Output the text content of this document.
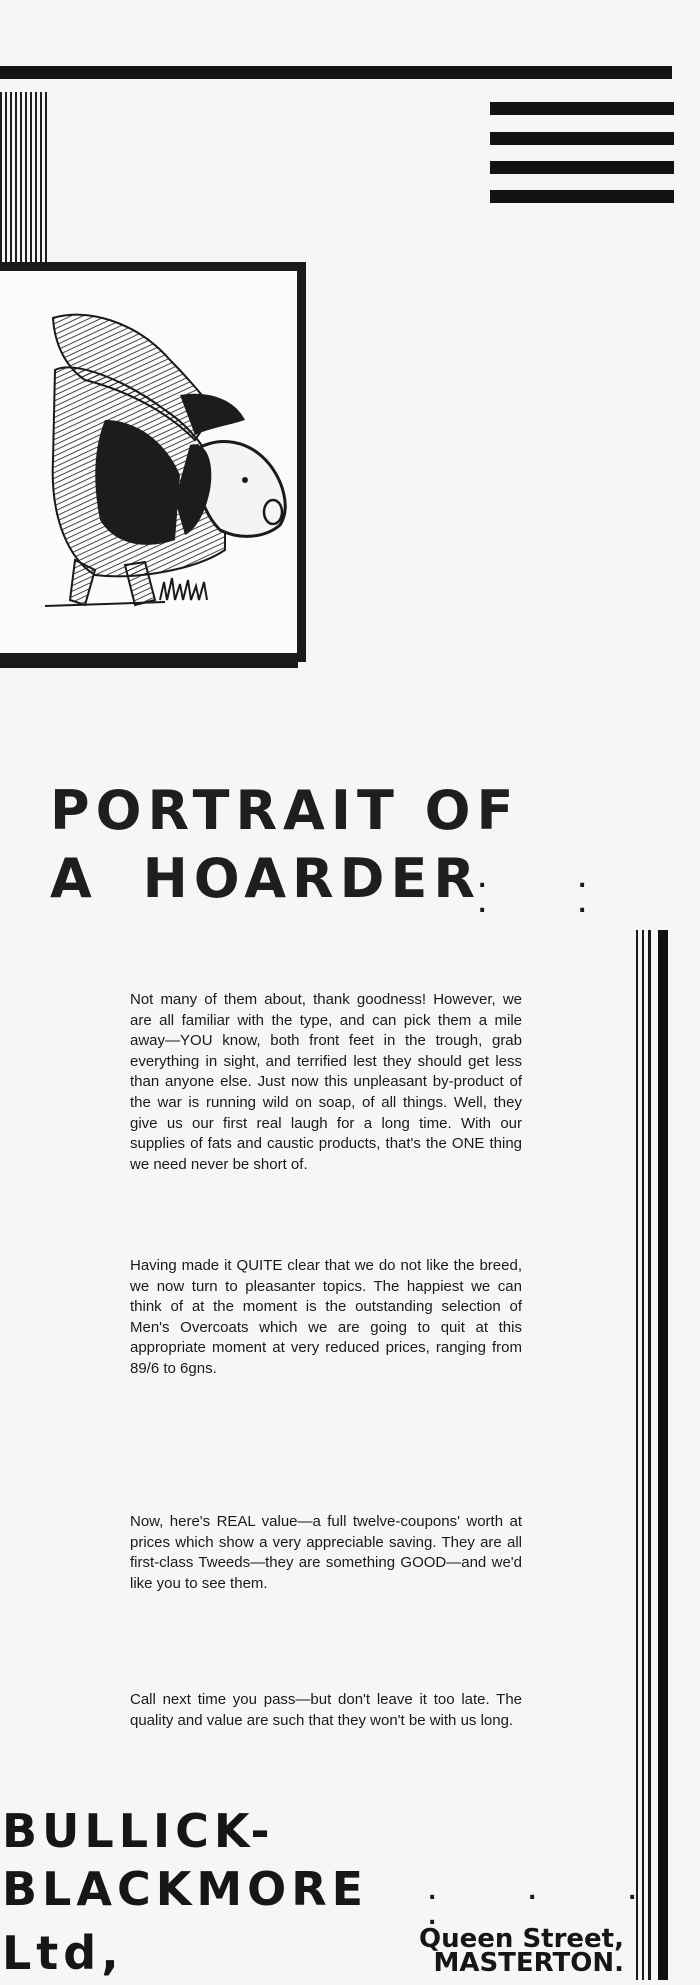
PORTRAIT OF
A HOARDER
. . . .

Not many of them about, thank goodness! However, we are all familiar with the type, and can pick them a mile away—YOU know, both front feet in the trough, grab everything in sight, and terrified lest they should get less than anyone else. Just now this unpleasant by-product of the war is running wild on soap, of all things. Well, they give us our first real laugh for a long time. With our supplies of fats and caustic products, that's the ONE thing we need never be short of.

Having made it QUITE clear that we do not like the breed, we now turn to pleasanter topics. The happiest we can think of at the moment is the outstanding selection of Men's Overcoats which we are going to quit at this appropriate moment at very reduced prices, ranging from 89/6 to 6gns.

Now, here's REAL value—a full twelve-coupons' worth at prices which show a very appreciable saving. They are all first-class Tweeds—they are something GOOD—and we'd like you to see them.

Call next time you pass—but don't leave it too late. The quality and value are such that they won't be with us long.

BULLICK-
BLACKMORE	. . . .
Ltd,	Queen Street,
MASTERTON.
